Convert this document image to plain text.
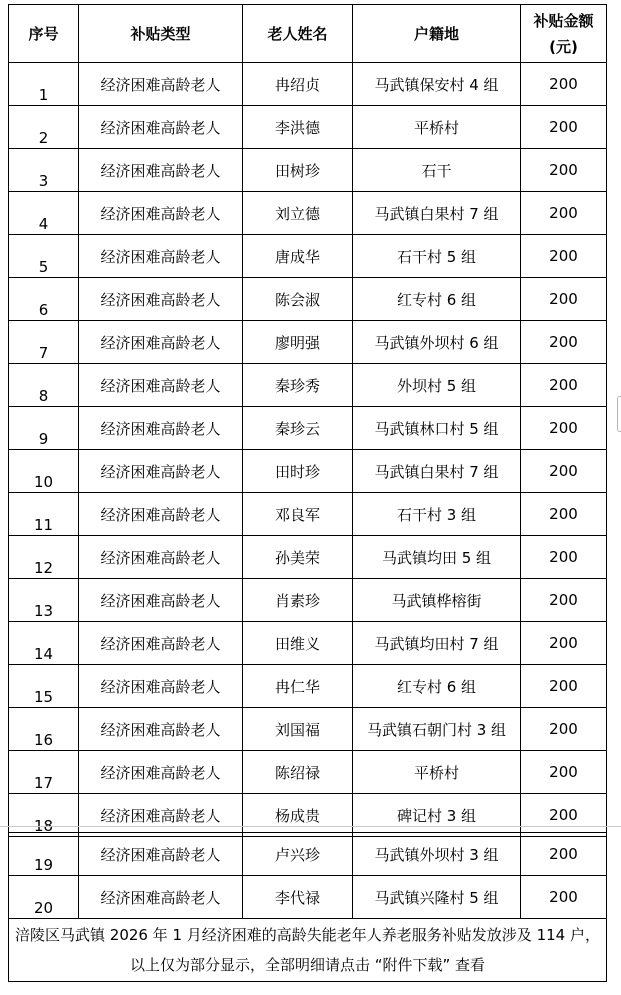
序号	补贴类型	老人姓名	户籍地	补贴金额
(元)

1	经济困难高龄老人	冉绍贞	马武镇保安村 4 组	200
2	经济困难高龄老人	李洪德	平桥村	200
3	经济困难高龄老人	田树珍	石干	200
4	经济困难高龄老人	刘立德	马武镇白果村 7 组	200
5	经济困难高龄老人	唐成华	石干村 5 组	200
6	经济困难高龄老人	陈会淑	红专村 6 组	200
7	经济困难高龄老人	廖明强	马武镇外坝村 6 组	200
8	经济困难高龄老人	秦珍秀	外坝村 5 组	200
9	经济困难高龄老人	秦珍云	马武镇林口村 5 组	200
10	经济困难高龄老人	田时珍	马武镇白果村 7 组	200
11	经济困难高龄老人	邓良军	石干村 3 组	200
12	经济困难高龄老人	孙美荣	马武镇均田 5 组	200
13	经济困难高龄老人	肖素珍	马武镇桦榕街	200
14	经济困难高龄老人	田维义	马武镇均田村 7 组	200
15	经济困难高龄老人	冉仁华	红专村 6 组	200
16	经济困难高龄老人	刘国福	马武镇石朝门村 3 组	200
17	经济困难高龄老人	陈绍禄	平桥村	200
18	经济困难高龄老人	杨成贵	碑记村 3 组	200
19	经济困难高龄老人	卢兴珍	马武镇外坝村 3 组	200
20	经济困难高龄老人	李代禄	马武镇兴隆村 5 组	200
涪陵区马武镇 2026 年 1 月经济困难的高龄失能老年人养老服务补贴发放涉及 114 户，以上仅为部分显示，全部明细请点击 “附件下载” 查看				
